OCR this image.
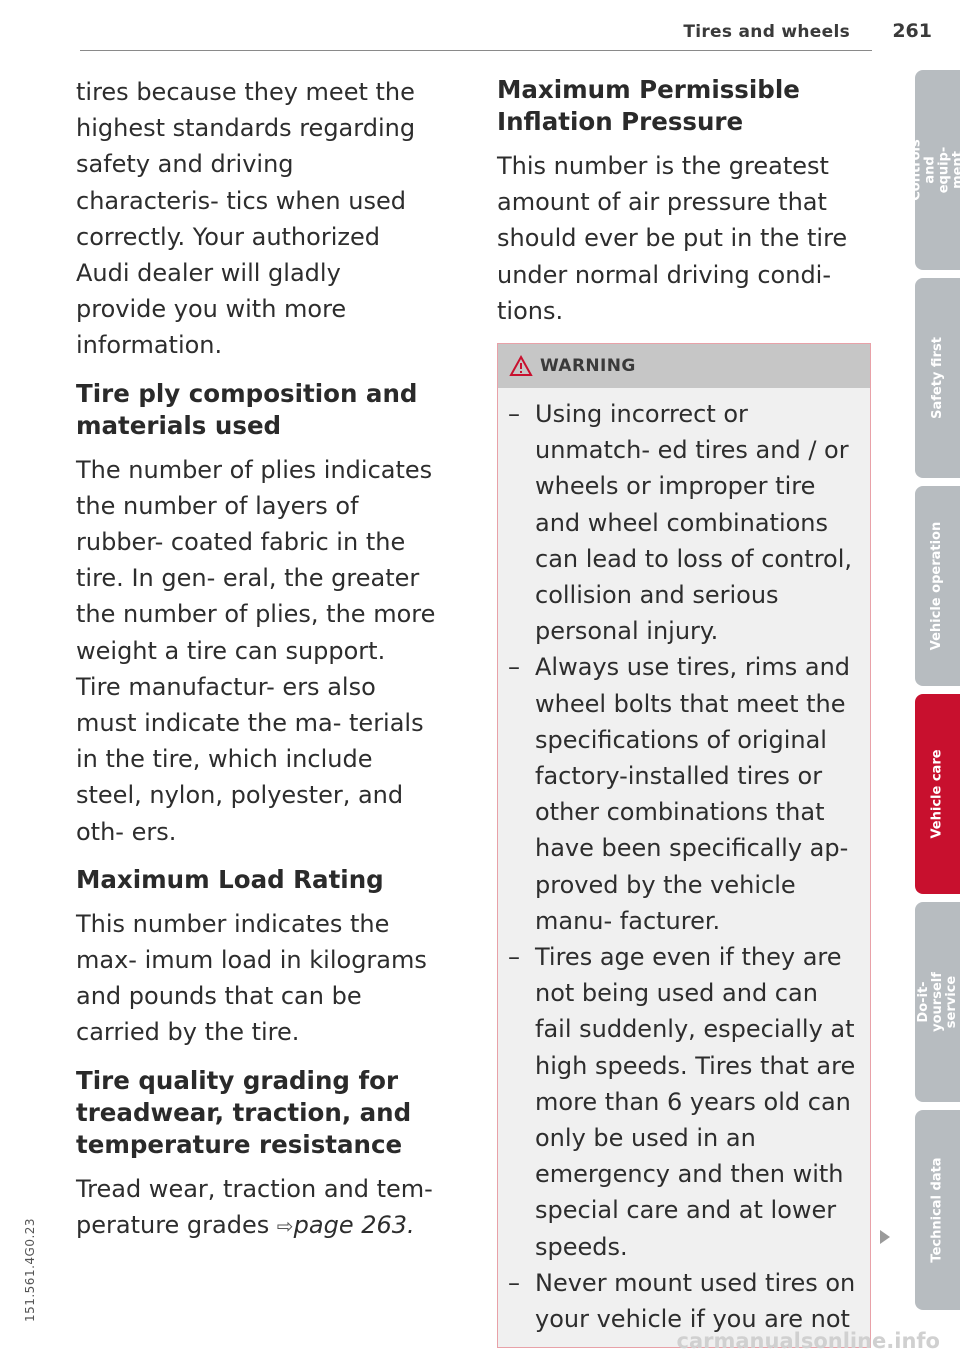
Tires and wheels 261

tires because they meet the highest standards regarding safety and driving characteris- tics when used correctly. Your authorized Audi dealer will gladly provide you with more information.

Tire ply composition and materials used

The number of plies indicates the number of layers of rubber- coated fabric in the tire. In gen- eral, the greater the number of plies, the more weight a tire can support. Tire manufactur- ers also must indicate the ma- terials in the tire, which include steel, nylon, polyester, and oth- ers.

Maximum Load Rating

This number indicates the max- imum load in kilograms and pounds that can be carried by the tire.

Tire quality grading for treadwear, traction, and temperature resistance

Tread wear, traction and tem- perature grades ⇨page 263.

Maximum Permissible Inflation Pressure

This number is the greatest amount of air pressure that should ever be put in the tire under normal driving condi- tions.

WARNING
– Using incorrect or unmatch- ed tires and / or wheels or improper tire and wheel combinations can lead to loss of control, collision and serious personal injury.
– Always use tires, rims and wheel bolts that meet the specifications of original factory-installed tires or other combinations that have been specifically ap- proved by the vehicle manu- facturer.
– Tires age even if they are not being used and can fail suddenly, especially at high speeds. Tires that are more than 6 years old can only be used in an emergency and then with special care and at lower speeds.
– Never mount used tires on your vehicle if you are not
Controls and equip- ment
Safety first
Vehicle operation
Vehicle care
Do-it-yourself service
Technical data
151.561.4G0.23
carmanualsonline.info
